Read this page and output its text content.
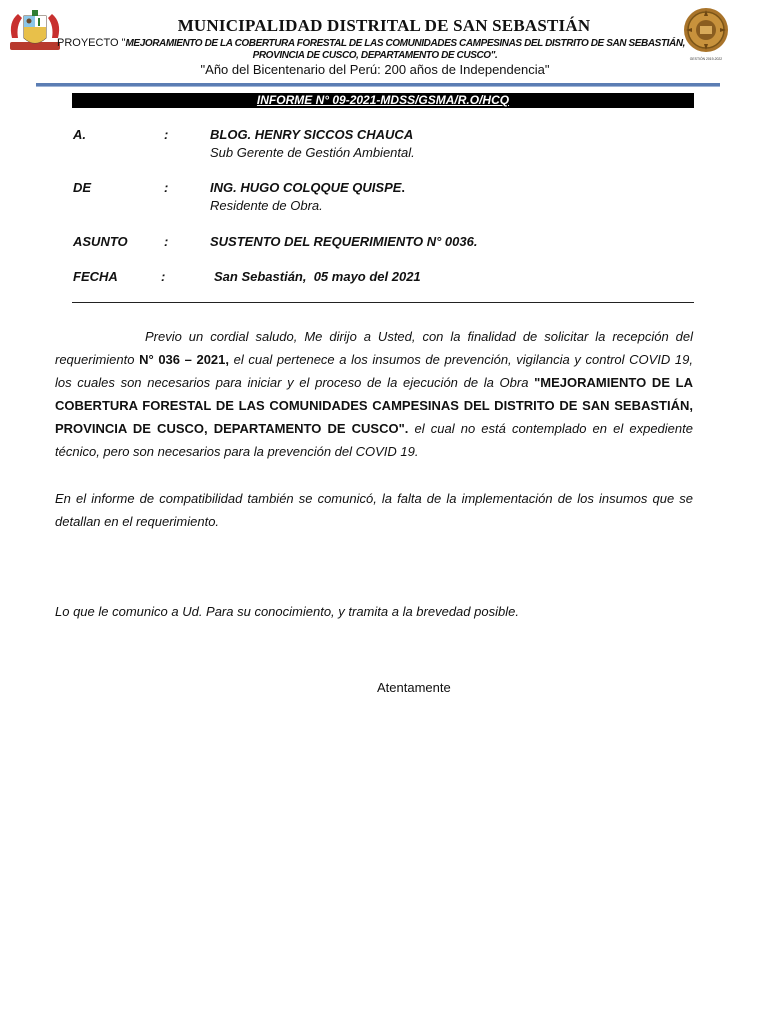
GESTIÓN 2019-2022
MUNICIPALIDAD DISTRITAL DE SAN SEBASTIÁN
PROYECTO "MEJORAMIENTO DE LA COBERTURA FORESTAL DE LAS COMUNIDADES CAMPESINAS DEL DISTRITO DE SAN SEBASTIÁN,
PROVINCIA DE CUSCO, DEPARTAMENTO DE CUSCO".
"Año del Bicentenario del Perú: 200 años de Independencia"
INFORME N° 09-2021-MDSS/GSMA/R.O/HCQ
A.	:	BLOG. HENRY SICCOS CHAUCA
Sub Gerente de Gestión Ambiental.
DE	:	ING. HUGO COLQQUE QUISPE.
Residente de Obra.
ASUNTO	:	SUSTENTO DEL REQUERIMIENTO N° 0036.
FECHA	:	San Sebastián,  05 mayo del 2021
Previo un cordial saludo, Me dirijo a Usted, con la finalidad de solicitar la recepción del requerimiento N° 036 – 2021, el cual pertenece a los insumos de prevención, vigilancia y control COVID 19, los cuales son necesarios para iniciar y el proceso de la ejecución de la Obra "MEJORAMIENTO DE LA COBERTURA FORESTAL DE LAS COMUNIDADES CAMPESINAS DEL DISTRITO DE SAN SEBASTIÁN, PROVINCIA DE CUSCO, DEPARTAMENTO DE CUSCO". el cual no está contemplado en el expediente técnico, pero son necesarios para la prevención del COVID 19.
En el informe de compatibilidad también se comunicó, la falta de la implementación de los insumos que se detallan en el requerimiento.
Lo que le comunico a Ud. Para su conocimiento, y tramita a la brevedad posible.
Atentamente
